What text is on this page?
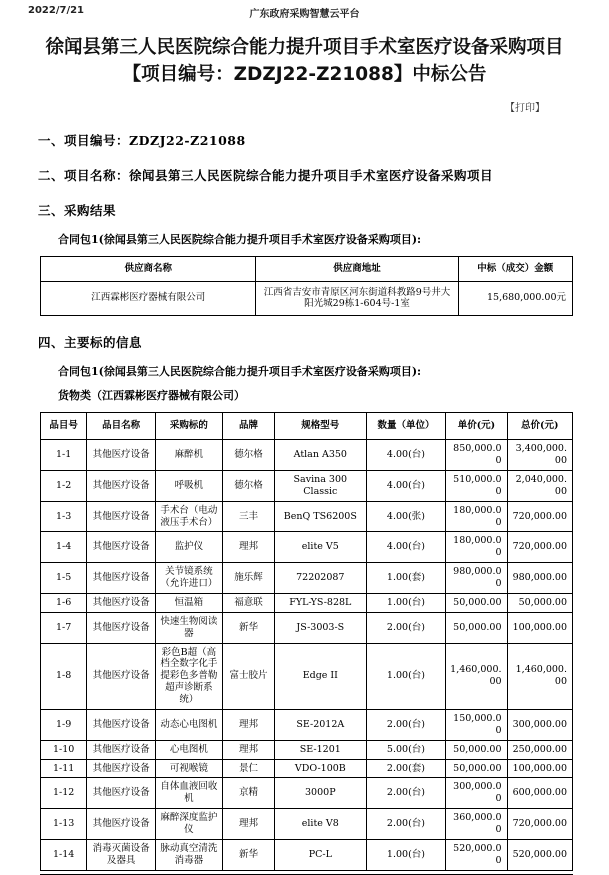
2022/7/21	广东政府采购智慧云平台
徐闻县第三人民医院综合能力提升项目手术室医疗设备采购项目【项目编号：ZDZJ22-Z21088】中标公告
【打印】
一、项目编号：ZDZJ22-Z21088
二、项目名称：徐闻县第三人民医院综合能力提升项目手术室医疗设备采购项目
三、采购结果
合同包1(徐闻县第三人民医院综合能力提升项目手术室医疗设备采购项目):
供应商名称	供应商地址	中标（成交）金额
江西霖彬医疗器械有限公司	江西省吉安市青原区河东街道科教路9号井大阳光城29栋1-604号-1室	15,680,000.00元
四、主要标的信息
合同包1(徐闻县第三人民医院综合能力提升项目手术室医疗设备采购项目):
货物类（江西霖彬医疗器械有限公司）
品目号	品目名称	采购标的	品牌	规格型号	数量（单位）	单价(元)	总价(元)
1-1	其他医疗设备	麻醉机	德尔格	Atlan A350	4.00(台)	850,000.00	3,400,000.00
1-2	其他医疗设备	呼吸机	德尔格	Savina 300 Classic	4.00(台)	510,000.00	2,040,000.00
1-3	其他医疗设备	手术台（电动液压手术台）	三丰	BenQ TS6200S	4.00(张)	180,000.00	720,000.00
1-4	其他医疗设备	监护仪	理邦	elite V5	4.00(台)	180,000.00	720,000.00
1-5	其他医疗设备	关节镜系统（允许进口）	施乐辉	72202087	1.00(套)	980,000.00	980,000.00
1-6	其他医疗设备	恒温箱	福意联	FYL-YS-828L	1.00(台)	50,000.00	50,000.00
1-7	其他医疗设备	快速生物阅读器	新华	JS-3003-S	2.00(台)	50,000.00	100,000.00
1-8	其他医疗设备	彩色B超（高档全数字化手提彩色多普勒超声诊断系统）	富士胶片	Edge II	1.00(台)	1,460,000.00	1,460,000.00
1-9	其他医疗设备	动态心电图机	理邦	SE-2012A	2.00(台)	150,000.00	300,000.00
1-10	其他医疗设备	心电图机	理邦	SE-1201	5.00(台)	50,000.00	250,000.00
1-11	其他医疗设备	可视喉镜	景仁	VDO-100B	2.00(套)	50,000.00	100,000.00
1-12	其他医疗设备	自体血液回收机	京精	3000P	2.00(台)	300,000.00	600,000.00
1-13	其他医疗设备	麻醉深度监护仪	理邦	elite V8	2.00(台)	360,000.00	720,000.00
1-14	消毒灭菌设备及器具	脉动真空清洗消毒器	新华	PC-L	1.00(台)	520,000.00	520,000.00
